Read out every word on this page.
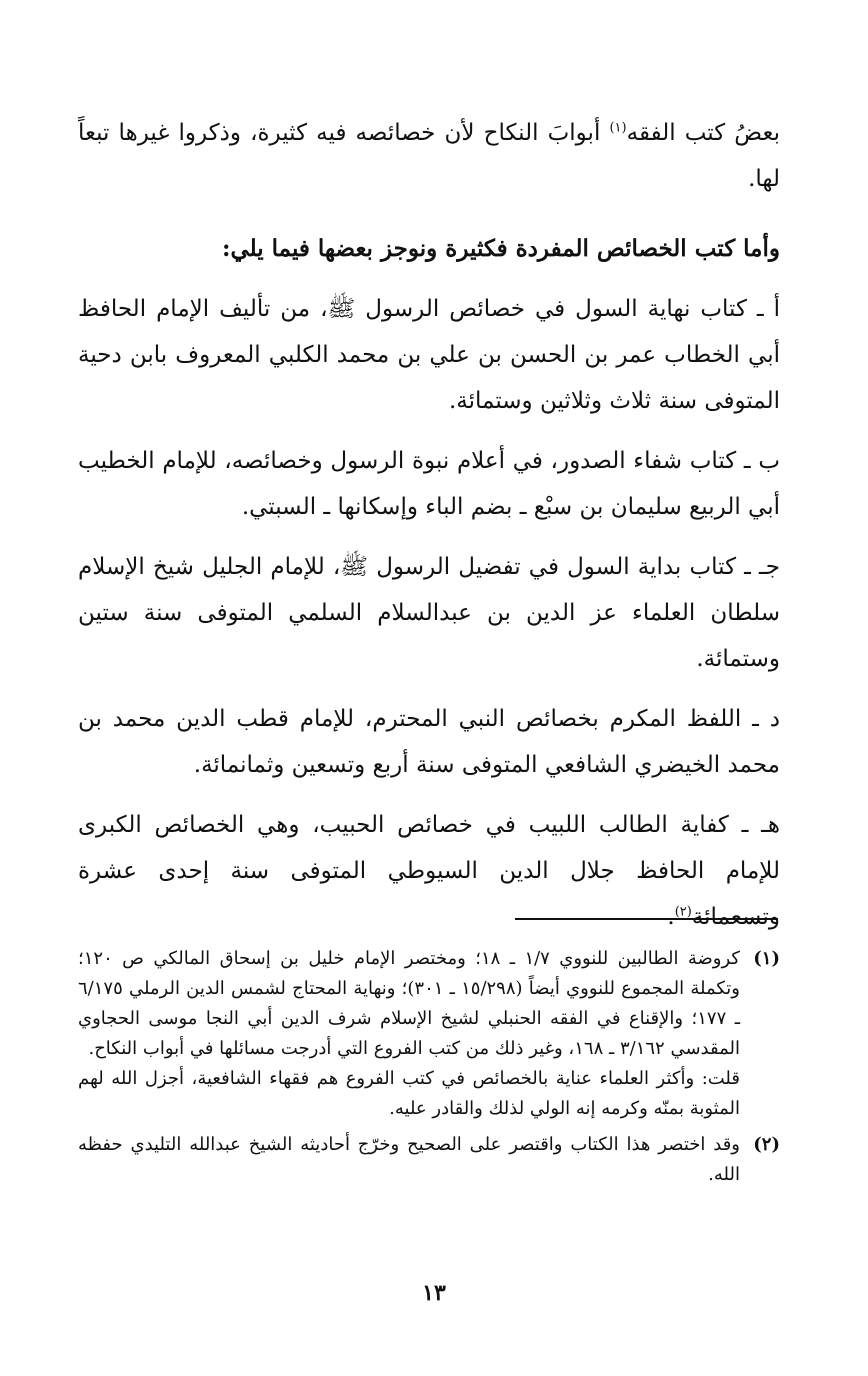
بعضُ كتب الفقه$^{(١)}$ أبوابَ النكاح لأن خصائصه فيه كثيرة، وذكروا غيرها تبعاً لها.

وأما كتب الخصائص المفردة فكثيرة ونوجز بعضها فيما يلي:

أ ـ كتاب نهاية السول في خصائص الرسول ﷺ، من تأليف الإمام الحافظ أبي الخطاب عمر بن الحسن بن علي بن محمد الكلبي المعروف بابن دحية المتوفى سنة ثلاث وثلاثين وستمائة.

ب ـ كتاب شفاء الصدور، في أعلام نبوة الرسول وخصائصه، للإمام الخطيب أبي الربيع سليمان بن سبْع ـ بضم الباء وإسكانها ـ السبتي.

جـ ـ كتاب بداية السول في تفضيل الرسول ﷺ، للإمام الجليل شيخ الإسلام سلطان العلماء عز الدين بن عبدالسلام السلمي المتوفى سنة ستين وستمائة.

د ـ اللفظ المكرم بخصائص النبي المحترم، للإمام قطب الدين محمد بن محمد الخيضري الشافعي المتوفى سنة أربع وتسعين وثمانمائة.

هـ ـ كفاية الطالب اللبيب في خصائص الحبيب، وهي الخصائص الكبرى للإمام الحافظ جلال الدين السيوطي المتوفى سنة إحدى عشرة وتسعمائة$^{(٢)}$.

(١)

كروضة الطالبين للنووي ١/٧ ـ ١٨؛ ومختصر الإمام خليل بن إسحاق المالكي ص ١٢٠؛ وتكملة المجموع للنووي أيضاً (١٥/٢٩٨ ـ ٣٠١)؛ ونهاية المحتاج لشمس الدين الرملي ٦/١٧٥ ـ ١٧٧؛ والإقناع في الفقه الحنبلي لشيخ الإسلام شرف الدين أبي النجا موسى الحجاوي المقدسي ٣/١٦٢ ـ ١٦٨، وغير ذلك من كتب الفروع التي أدرجت مسائلها في أبواب النكاح.

قلت: وأكثر العلماء عناية بالخصائص في كتب الفروع هم فقهاء الشافعية، أجزل الله لهم المثوبة بمنّه وكرمه إنه الولي لذلك والقادر عليه.

(٢)

وقد اختصر هذا الكتاب واقتصر على الصحيح وخرّج أحاديثه الشيخ عبدالله التليدي حفظه الله.

١٣
